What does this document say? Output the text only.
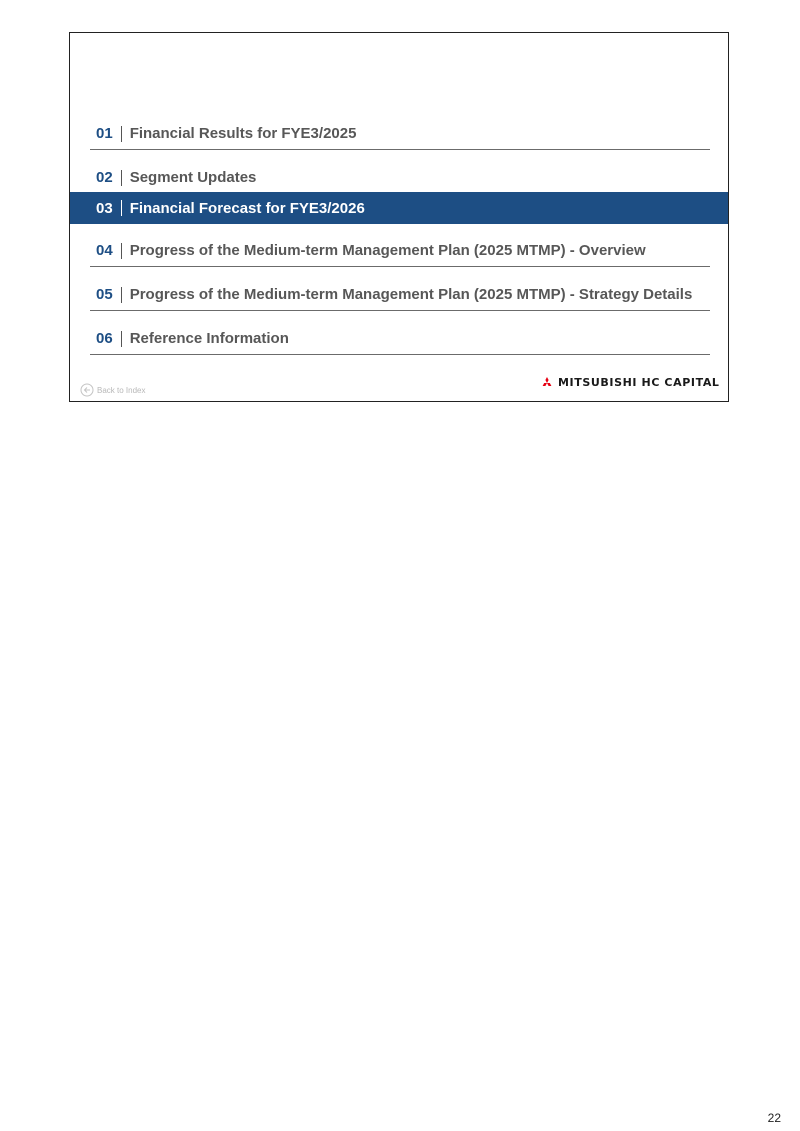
01 Financial Results for FYE3/2025
02 Segment Updates
03 Financial Forecast for FYE3/2026
04 Progress of the Medium-term Management Plan (2025 MTMP) - Overview
05 Progress of the Medium-term Management Plan (2025 MTMP) - Strategy Details
06 Reference Information
Back to Index
MITSUBISHI HC CAPITAL
22
